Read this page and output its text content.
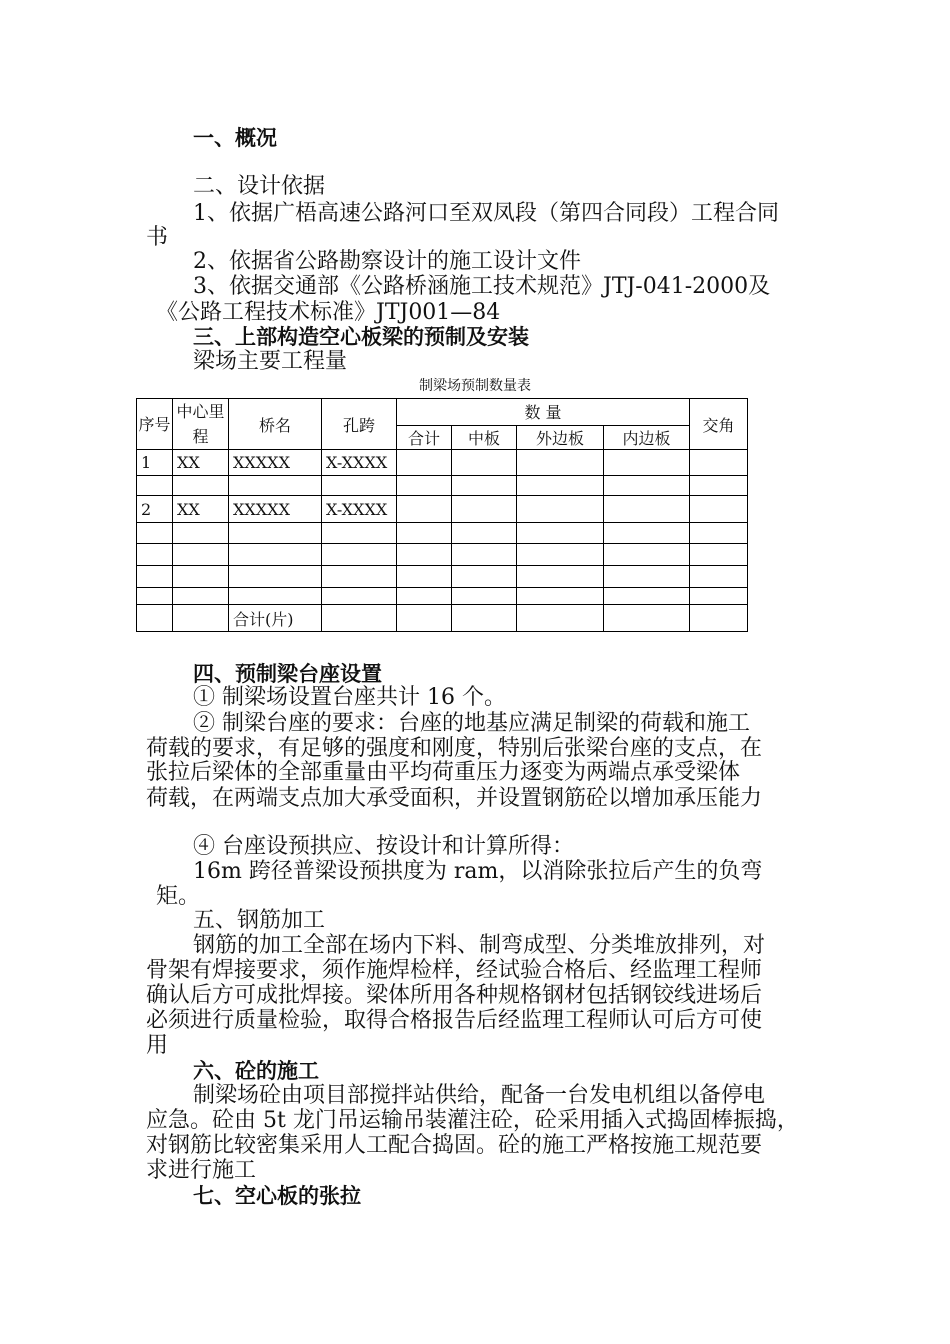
一、概况
二、设计依据
1、依据广梧高速公路河口至双凤段（第四合同段）工程合同
书
2、依据省公路勘察设计的施工设计文件
3、依据交通部《公路桥涵施工技术规范》JTJ-041-2000及
《公路工程技术标准》JTJ001—84
三、上部构造空心板梁的预制及安装
梁场主要工程量
制梁场预制数量表
序号	中心里程	桥名	孔跨	数 量				交角
				合计	中板	外边板	内边板	
1	XX	XXXXX	X-XXXX					

2	XX	XXXXX	X-XXXX					

		合计(片)						
四、预制梁台座设置
① 制梁场设置台座共计 16 个。
② 制梁台座的要求：台座的地基应满足制梁的荷载和施工
荷载的要求，有足够的强度和刚度，特别后张梁台座的支点，在
张拉后梁体的全部重量由平均荷重压力逐变为两端点承受梁体
荷载，在两端支点加大承受面积，并设置钢筋砼以增加承压能力
④ 台座设预拱应、按设计和计算所得：
16m 跨径普梁设预拱度为 ram，以消除张拉后产生的负弯
矩。
五、钢筋加工
钢筋的加工全部在场内下料、制弯成型、分类堆放排列，对
骨架有焊接要求，须作施焊检样，经试验合格后、经监理工程师
确认后方可成批焊接。梁体所用各种规格钢材包括钢铰线进场后
必须进行质量检验，取得合格报告后经监理工程师认可后方可使
用
六、砼的施工
制梁场砼由项目部搅拌站供给，配备一台发电机组以备停电
应急。砼由 5t 龙门吊运输吊装灌注砼，砼采用插入式捣固棒振捣，
对钢筋比较密集采用人工配合捣固。砼的施工严格按施工规范要
求进行施工
七、空心板的张拉
